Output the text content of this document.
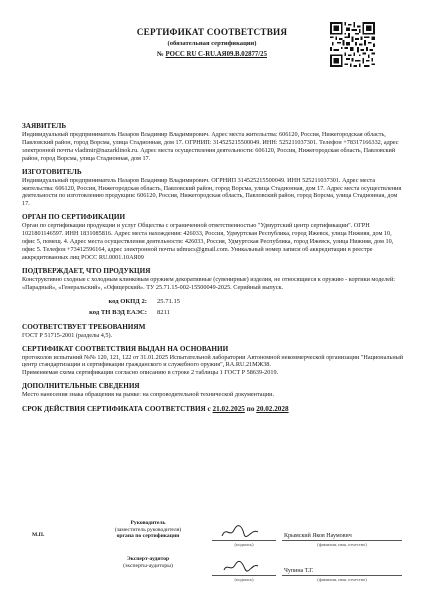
СЕРТИФИКАТ СООТВЕТСТВИЯ
(обязательная сертификация)
№ РОСС RU С-RU.АЯ09.В.02877/25
ЗАЯВИТЕЛЬ

Индивидуальный предприниматель Назаров Владимир Владимирович. Адрес места жительства: 606120, Россия, Нижегородская область, Павловский район, город Ворсма, улица Стадионная, дом 17. ОГРНИП: 314525215500049. ИНН: 525211037301. Телефон +78317166332, адрес электронной почты vladimir@nazarklinok.ru. Адрес места осуществления деятельности: 606120, Россия, Нижегородская область, Павловский район, город Ворсма, улица Стадионная, дом 17.

ИЗГОТОВИТЕЛЬ

Индивидуальный предприниматель Назаров Владимир Владимирович. ОГРНИП 314525215500049. ИНН 525211037301. Адрес места жительства: 606120, Россия, Нижегородская область, Павловский район, город Ворсма, улица Стадионная, дом 17. Адрес места осуществления деятельности по изготовлению продукции: 606120, Россия, Нижегородская область, Павловский район, город Ворсма, улица Стадионная, дом 17.

ОРГАН ПО СЕРТИФИКАЦИИ

Орган по сертификации продукции и услуг Общества с ограниченной ответственностью "Удмуртский центр сертификации". ОГРН 1021801146597. ИНН 1831085816. Адрес места нахождения: 426033, Россия, Удмуртская Республика, город Ижевск, улица Нижняя, дом 10, офис 5, помещ. 4. Адрес места осуществления деятельности: 426033, Россия, Удмуртская Республика, город Ижевск, улица Нижняя, дом 10, офис 5. Телефон +73412596164, адрес электронной почты udmucs@gmail.com. Уникальный номер записи об аккредитации в реестре аккредитованных лиц РОСС RU.0001.10АЯ09

ПОДТВЕРЖДАЕТ, ЧТО ПРОДУКЦИЯ

Конструктивно сходные с холодным клинковым оружием декоративные (сувенирные) изделия, не относящиеся к оружию - кортики моделей: «Парадный», «Генеральский», «Офицерский». ТУ 25.71.15-002-15500049-2025. Серийный выпуск.

код ОКПД 2:	25.71.15
код ТН ВЭД ЕАЭС:	8211
СООТВЕТСТВУЕТ ТРЕБОВАНИЯМ

ГОСТ Р 51715-2001 (разделы 4,5).

СЕРТИФИКАТ СООТВЕТСТВИЯ ВЫДАН НА ОСНОВАНИИ

протоколов испытаний №№ 120, 121, 122 от 31.01.2025 Испытательной лаборатории Автономной некоммерческой организации "Национальный центр стандартизации и сертификации гражданского и служебного оружия", RA.RU.21МЖ38.

Применяемая схема сертификации согласно описанию в строке 2 таблицы 1 ГОСТ Р 58639-2019.

ДОПОЛНИТЕЛЬНЫЕ СВЕДЕНИЯ

Место нанесения знака обращения на рынке: на сопроводительной технической документации.

СРОК ДЕЙСТВИЯ СЕРТИФИКАТА СООТВЕТСТВИЯ с 21.02.2025 по 20.02.2028
М.П.
Руководитель
(заместитель руководителя)
органа по сертификации
Эксперт-аудитор
(эксперты-аудиторы)
(подпись)
Крымский Яков Наумович
(фамилия, имя, отчество)
(подпись)
Чупина Т.Г.
(фамилия, имя, отчество)
